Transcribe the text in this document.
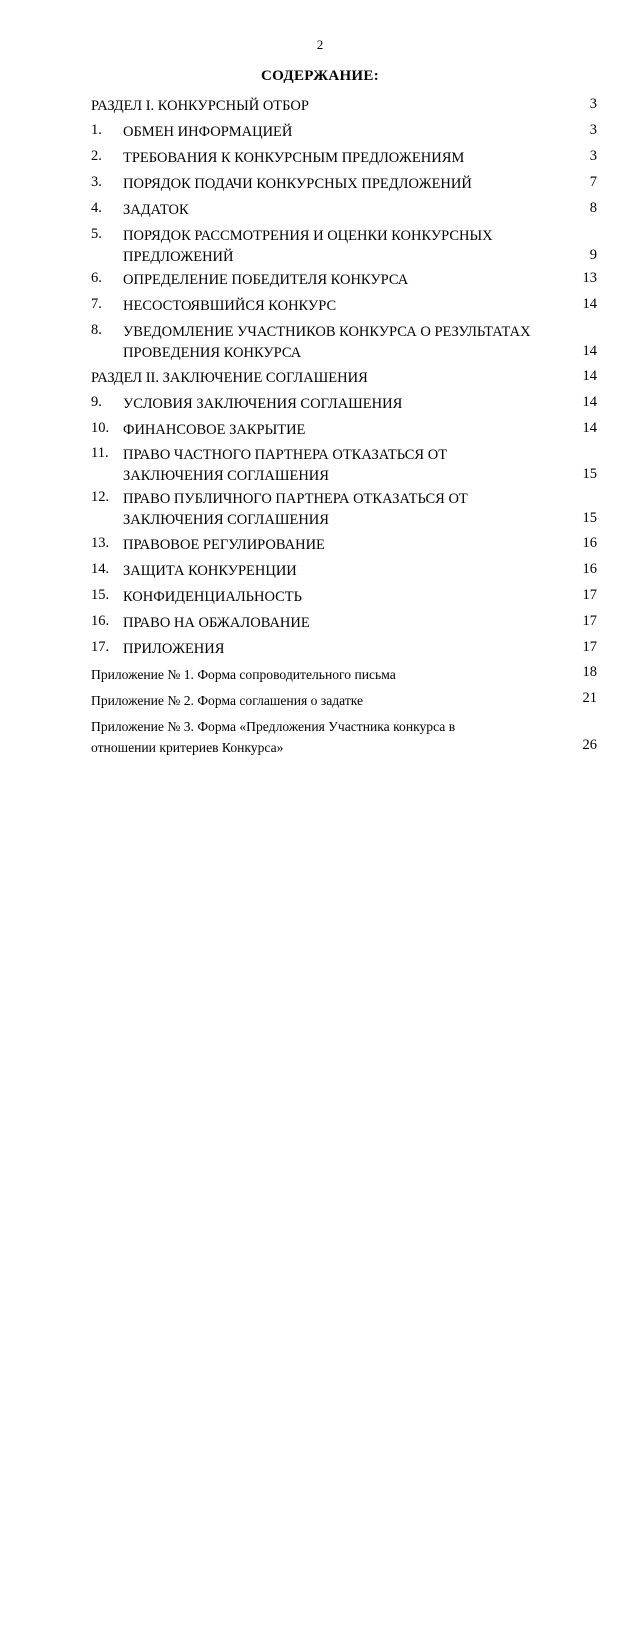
2
СОДЕРЖАНИЕ:
РАЗДЕЛ I. КОНКУРСНЫЙ ОТБОР	3
1. ОБМЕН ИНФОРМАЦИЕЙ	3
2. ТРЕБОВАНИЯ К КОНКУРСНЫМ ПРЕДЛОЖЕНИЯМ	3
3. ПОРЯДОК ПОДАЧИ КОНКУРСНЫХ ПРЕДЛОЖЕНИЙ	7
4. ЗАДАТОК	8
5. ПОРЯДОК РАССМОТРЕНИЯ И ОЦЕНКИ КОНКУРСНЫХ
ПРЕДЛОЖЕНИЙ	9
6. ОПРЕДЕЛЕНИЕ ПОБЕДИТЕЛЯ КОНКУРСА	13
7. НЕСОСТОЯВШИЙСЯ КОНКУРС	14
8. УВЕДОМЛЕНИЕ УЧАСТНИКОВ КОНКУРСА О РЕЗУЛЬТАТАХ
ПРОВЕДЕНИЯ КОНКУРСА	14
РАЗДЕЛ II. ЗАКЛЮЧЕНИЕ СОГЛАШЕНИЯ	14
9. УСЛОВИЯ ЗАКЛЮЧЕНИЯ СОГЛАШЕНИЯ	14
10. ФИНАНСОВОЕ ЗАКРЫТИЕ	14
11. ПРАВО ЧАСТНОГО ПАРТНЕРА ОТКАЗАТЬСЯ ОТ
ЗАКЛЮЧЕНИЯ СОГЛАШЕНИЯ	15
12. ПРАВО ПУБЛИЧНОГО ПАРТНЕРА ОТКАЗАТЬСЯ ОТ
ЗАКЛЮЧЕНИЯ СОГЛАШЕНИЯ	15
13. ПРАВОВОЕ РЕГУЛИРОВАНИЕ	16
14. ЗАЩИТА КОНКУРЕНЦИИ	16
15. КОНФИДЕНЦИАЛЬНОСТЬ	17
16. ПРАВО НА ОБЖАЛОВАНИЕ	17
17. ПРИЛОЖЕНИЯ	17
Приложение № 1. Форма сопроводительного письма	18
Приложение № 2. Форма соглашения о задатке	21
Приложение № 3. Форма «Предложения Участника конкурса в
отношении критериев Конкурса»	26
